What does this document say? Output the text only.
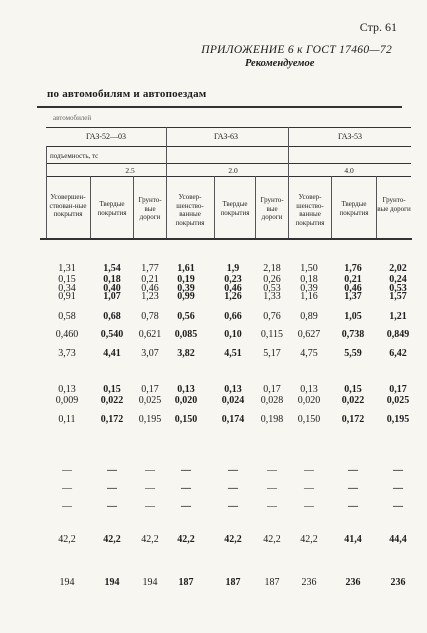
Стр. 61
ПРИЛОЖЕНИЕ 6 к ГОСТ 17460—72
Рекомендуемое
по автомобилям и автопоездам
автомобилей
ГАЗ-52—03	ГАЗ-63	ГАЗ-53
подъемность, тс
2.5	2.0	4.0
Усовершен-ствован-ные покрытия
Твердые покрытия
Грунто-вые дороги
Усовер-шенство-ванные покрытия
Твердые покрытия
Грунто-вые дороги
Усовер-шенство-ванные покрытия
Твердые покрытия
Грунто-вые дороги
1,31	1,54 1,77 1,61	1,9 2,18 1,50	1,76	2,02
0,15	0,18 0,21 0,19	0,23 0,26 0,18	0,21	0,24
0,34	0,40 0,46 0,39	0,46 0,53 0,39	0,46	0,53
0,91	1,07 1,23 0,99	1,26 1,33 1,16	1,37	1,57
0,58	0,68 0,78 0,56	0,66 0,76 0,89	1,05	1,21
0,460 0,540 0,621 0,085	0,10 0,115 0,627 0,738 0,849
3,73	4,41 3,07 3,82	4,51 5,17 4,75	5,59	6,42
0,13	0,15 0,17 0,13	0,13 0,17 0,13	0,15	0,17
0,009 0,022 0,025 0,020 0,024 0,028 0,020 0,022 0,025
0,11	0,172 0,195 0,150 0,174 0,198 0,150 0,172 0,195
—	—	—	—	—	—	—	—	—
—	—	—	—	—	—	—	—	—
—	—	—	—	—	—	—	—	—
42,2	42,2 42,2 42,2	42,2 42,2 42,2	41,4	44,4
194	194 194 187	187 187 236	236	236
